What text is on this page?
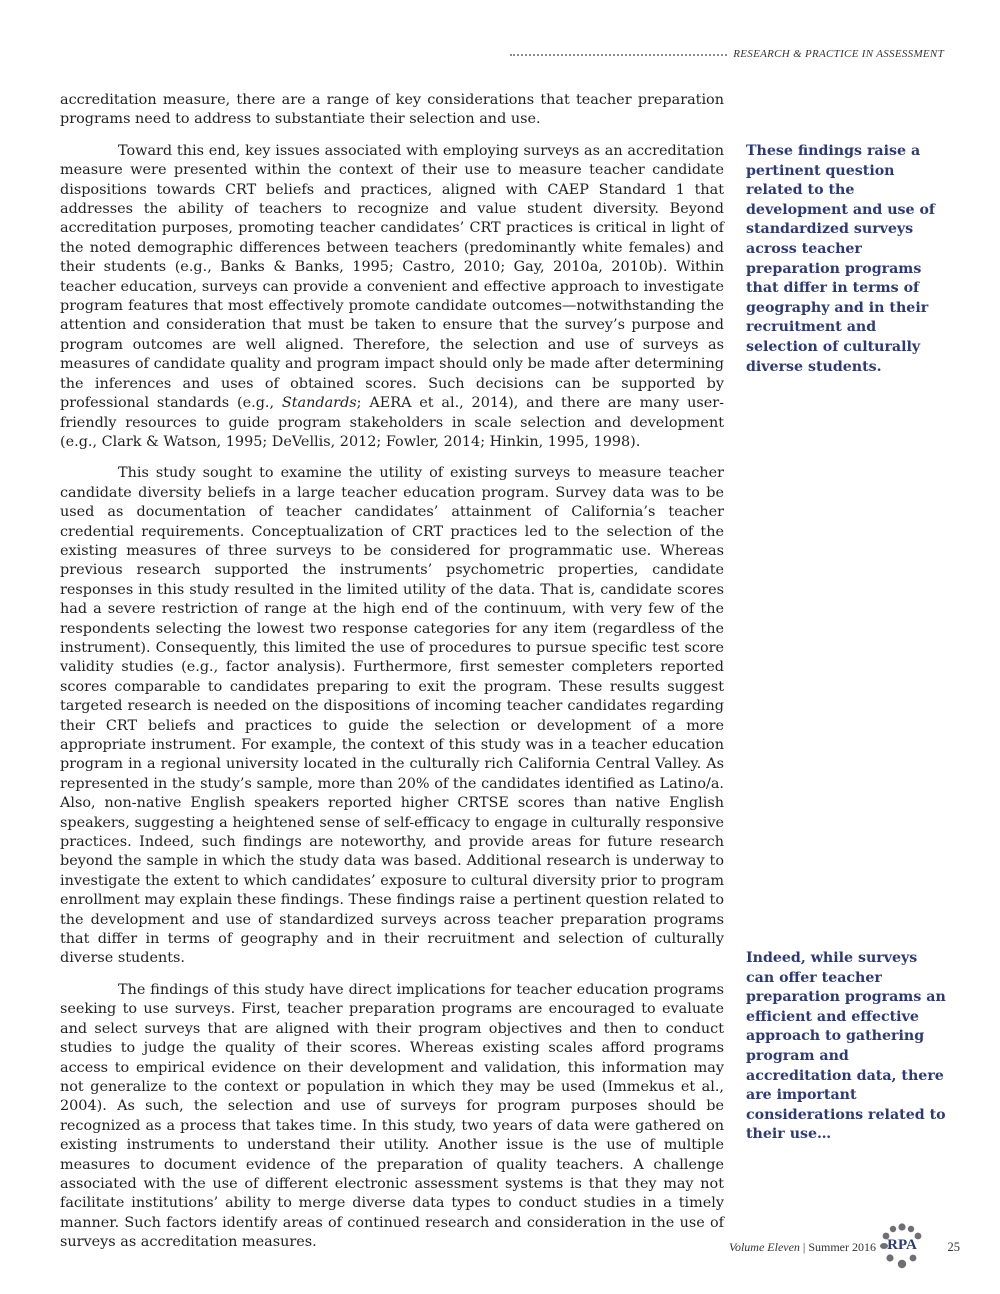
RESEARCH & PRACTICE IN ASSESSMENT

accreditation measure, there are a range of key considerations that teacher preparation programs need to address to substantiate their selection and use.

Toward this end, key issues associated with employing surveys as an accreditation measure were presented within the context of their use to measure teacher candidate dispositions towards CRT beliefs and practices, aligned with CAEP Standard 1 that addresses the ability of teachers to recognize and value student diversity. Beyond accreditation purposes, promoting teacher candidates’ CRT practices is critical in light of the noted demographic differences between teachers (predominantly white females) and their students (e.g., Banks & Banks, 1995; Castro, 2010; Gay, 2010a, 2010b). Within teacher education, surveys can provide a convenient and effective approach to investigate program features that most effectively promote candidate outcomes—notwithstanding the attention and consideration that must be taken to ensure that the survey’s purpose and program outcomes are well aligned. Therefore, the selection and use of surveys as measures of candidate quality and program impact should only be made after determining the inferences and uses of obtained scores. Such decisions can be supported by professional standards (e.g., Standards; AERA et al., 2014), and there are many user-friendly resources to guide program stakeholders in scale selection and development (e.g., Clark & Watson, 1995; DeVellis, 2012; Fowler, 2014; Hinkin, 1995, 1998).

This study sought to examine the utility of existing surveys to measure teacher candidate diversity beliefs in a large teacher education program. Survey data was to be used as documentation of teacher candidates’ attainment of California’s teacher credential requirements. Conceptualization of CRT practices led to the selection of the existing measures of three surveys to be considered for programmatic use. Whereas previous research supported the instruments’ psychometric properties, candidate responses in this study resulted in the limited utility of the data. That is, candidate scores had a severe restriction of range at the high end of the continuum, with very few of the respondents selecting the lowest two response categories for any item (regardless of the instrument). Consequently, this limited the use of procedures to pursue specific test score validity studies (e.g., factor analysis). Furthermore, first semester completers reported scores comparable to candidates preparing to exit the program. These results suggest targeted research is needed on the dispositions of incoming teacher candidates regarding their CRT beliefs and practices to guide the selection or development of a more appropriate instrument. For example, the context of this study was in a teacher education program in a regional university located in the culturally rich California Central Valley. As represented in the study’s sample, more than 20% of the candidates identified as Latino/a. Also, non-native English speakers reported higher CRTSE scores than native English speakers, suggesting a heightened sense of self-efficacy to engage in culturally responsive practices. Indeed, such findings are noteworthy, and provide areas for future research beyond the sample in which the study data was based. Additional research is underway to investigate the extent to which candidates’ exposure to cultural diversity prior to program enrollment may explain these findings. These findings raise a pertinent question related to the development and use of standardized surveys across teacher preparation programs that differ in terms of geography and in their recruitment and selection of culturally diverse students.

The findings of this study have direct implications for teacher education programs seeking to use surveys. First, teacher preparation programs are encouraged to evaluate and select surveys that are aligned with their program objectives and then to conduct studies to judge the quality of their scores. Whereas existing scales afford programs access to empirical evidence on their development and validation, this information may not generalize to the context or population in which they may be used (Immekus et al., 2004). As such, the selection and use of surveys for program purposes should be recognized as a process that takes time. In this study, two years of data were gathered on existing instruments to understand their utility. Another issue is the use of multiple measures to document evidence of the preparation of quality teachers. A challenge associated with the use of different electronic assessment systems is that they may not facilitate institutions’ ability to merge diverse data types to conduct studies in a timely manner. Such factors identify areas of continued research and consideration in the use of surveys as accreditation measures.

These findings raise a pertinent question related to the development and use of standardized surveys across teacher preparation programs that differ in terms of geography and in their recruitment and selection of culturally diverse students.
Indeed, while surveys can offer teacher preparation programs an efficient and effective approach to gathering program and accreditation data, there are important considerations related to their use…
Volume Eleven | Summer 2016 RPA 25
